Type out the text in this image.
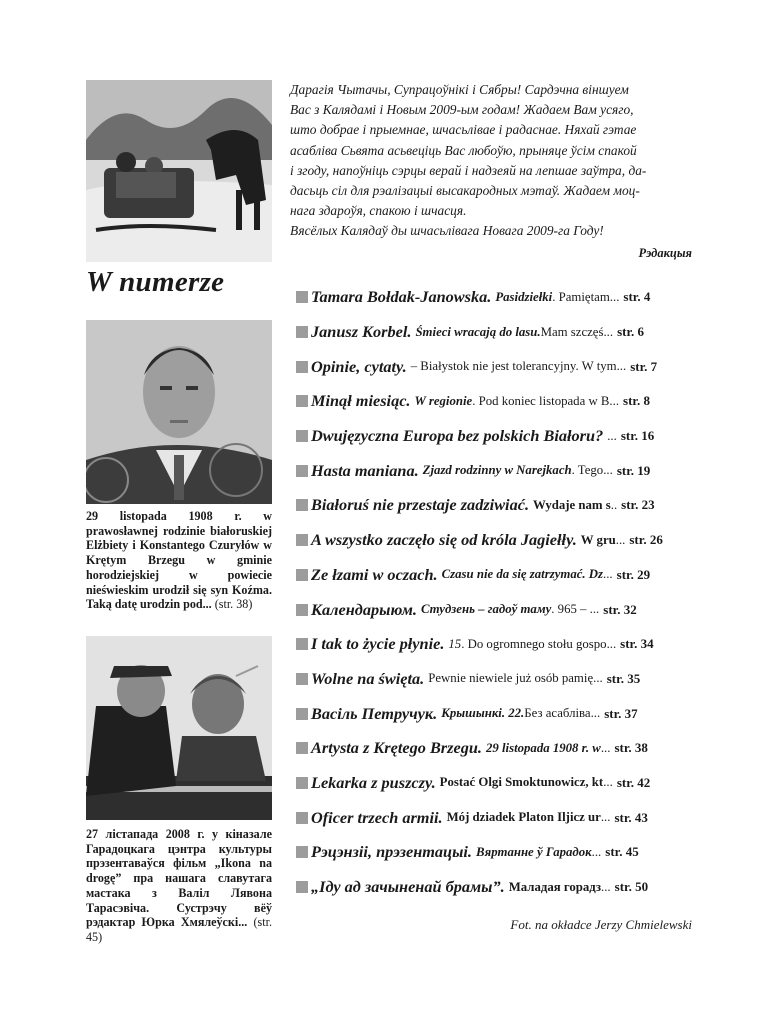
Дарагія Чытачы, Супрацоўнікі і Сябры! Сардэчна віншуем

Вас з Калядамі і Новым 2009-ым годам! Жадаем Вам усяго,

што добрае і прыемнае, шчасьлівае і радаснае. Няхай гэтае

асабліва Сьвята асьвеціць Вас любоўю, прыняце ўсім спакой

і згоду, напоўніць сэрцы верай і надзеяй на лепшае заўтра, да-

дасьць сіл для рэалізацыі высакародных мэтаў. Жадаем моц-

нага здароўя, спакою і шчасця.

Вясёлых Калядаў ды шчасьлівага Новага 2009-га Году!

Рэдакцыя

W numerze
29 listopada 1908 r. w prawosławnej rodzinie białoruskiej Elżbiety i Konstantego Czuryłów w Krętym Brzegu w gminie horodziejskiej w powiecie nieświeskim urodził się syn Koźma. Taką datę urodzin pod... (str. 38)
27 лістапада 2008 г. у кіназале Гарадоцкага цэнтра культуры прэзентаваўся фільм „Ikona na drogę” пра нашага славутага мастака з Валіл Лявона Тарасэвіча. Сустрэчу вёў рэдактар Юрка Хмялеўскі... (str. 45)
Tamara Bołdak-Janowska. Pasidziełki . Pamiętam... str. 4
Janusz Korbel. Śmieci wracają do lasu. Mam szczęś... str. 6
Opinie, cytaty. – Białystok nie jest tolerancyjny. W tym... str. 7
Minął miesiąc. W regionie . Pod koniec listopada w B... str. 8
Dwujęzyczna Europa bez polskich Białoru? ... str. 16
Hasta maniana. Zjazd rodzinny w Narejkach . Tego... str. 19
Białoruś nie przestaje zadziwiać. Wydaje nam s .. str. 23
A wszystko zaczęło się od króla Jagiełły. W gru ... str. 26
Ze łzami w oczach. Czasu nie da się zatrzymać. Dz ... str. 29
Календарыюм. Студзень – гадоў таму . 965 – ... str. 32
I tak to życie płynie. 15 . Do ogromnego stołu gospo... str. 34
Wolne na święta. Pewnie niewiele już osób pamię... str. 35
Васіль Петручук. Крышынкі. 22. Без асабліва... str. 37
Artysta z Krętego Brzegu. 29 listopada 1908 r. w ... str. 38
Lekarka z puszczy. Postać Olgi Smoktunowicz, kt ... str. 42
Oficer trzech armii. Mój dziadek Platon Iljicz ur ... str. 43
Рэцэнзіі, прэзентацыі. Вяртанне ў Гарадок ... str. 45
„Іду ад зачыненай брамы”. Маладая горадз ... str. 50
Fot. na okładce Jerzy Chmielewski
